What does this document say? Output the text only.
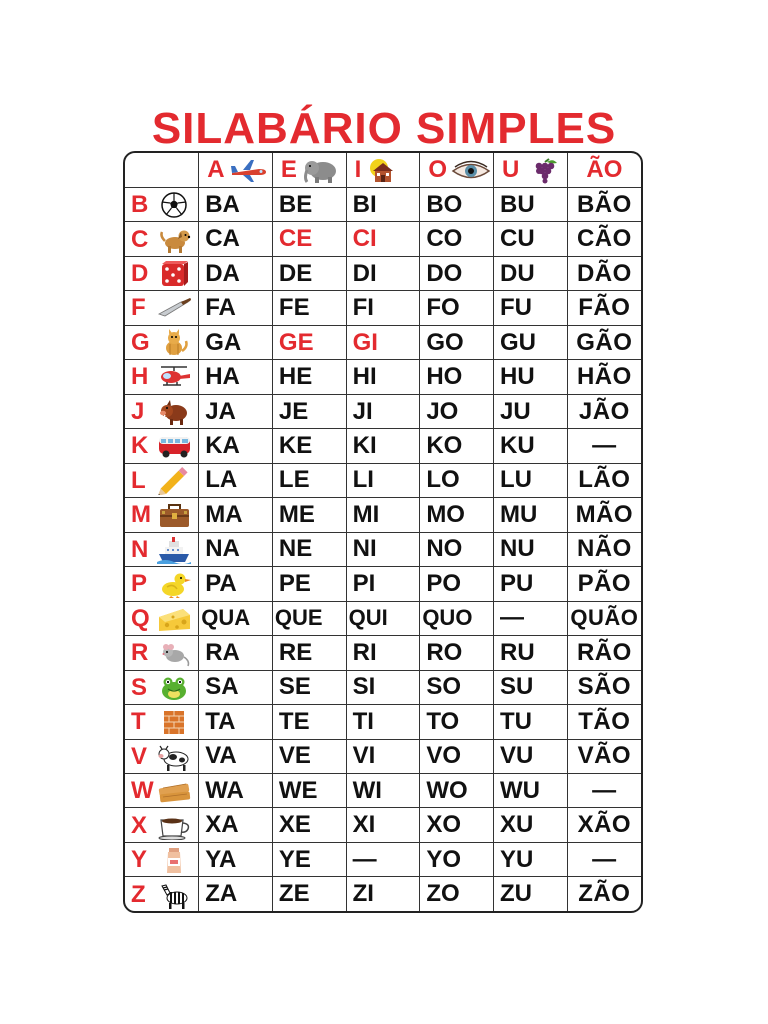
SILABÁRIO SIMPLES
	A	E	I	O	U	ÃO
B	BA	BE	BI	BO	BU	BÃO
C	CA	CE	CI	CO	CU	CÃO
D	DA	DE	DI	DO	DU	DÃO
F	FA	FE	FI	FO	FU	FÃO
G	GA	GE	GI	GO	GU	GÃO
H	HA	HE	HI	HO	HU	HÃO
J	JA	JE	JI	JO	JU	JÃO
K	KA	KE	KI	KO	KU	—
L	LA	LE	LI	LO	LU	LÃO
M	MA	ME	MI	MO	MU	MÃO
N	NA	NE	NI	NO	NU	NÃO
P	PA	PE	PI	PO	PU	PÃO
Q	QUA	QUE	QUI	QUO	—	QUÃO
R	RA	RE	RI	RO	RU	RÃO
S	SA	SE	SI	SO	SU	SÃO
T	TA	TE	TI	TO	TU	TÃO
V	VA	VE	VI	VO	VU	VÃO
W	WA	WE	WI	WO	WU	—
X	XA	XE	XI	XO	XU	XÃO
Y	YA	YE	—	YO	YU	—
Z	ZA	ZE	ZI	ZO	ZU	ZÃO
